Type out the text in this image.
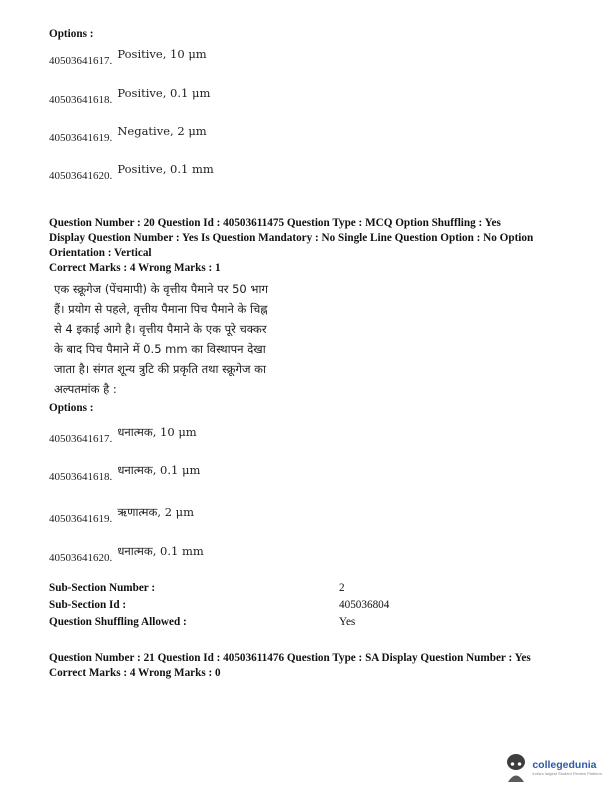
Options :
40503641617. $^{Positive, 10 \mu m}$
40503641618. $^{Positive, 0.1 \mu m}$
40503641619. $^{Negative, 2 \mu m}$
40503641620. $^{Positive, 0.1 mm}$
Question Number : 20 Question Id : 40503611475 Question Type : MCQ Option Shuffling : Yes
Display Question Number : Yes Is Question Mandatory : No Single Line Question Option : No Option
Orientation : Vertical
Correct Marks : 4 Wrong Marks : 1
एक स्क्रूगेज (पेंचमापी) के वृत्तीय पैमाने पर 50 भाग
हैं। प्रयोग से पहले, वृत्तीय पैमाना पिच पैमाने के चिह्न
से 4 इकाई आगे है। वृत्तीय पैमाने के एक पूरे चक्कर
के बाद पिच पैमाने में 0.5 mm का विस्थापन देखा
जाता है। संगत शून्य त्रुटि की प्रकृति तथा स्क्रूगेज का
अल्पतमांक है :
Options :
40503641617. $^{धनात्मक, 10 \mu m}$
40503641618. $^{धनात्मक, 0.1 \mu m}$
40503641619. $^{ऋणात्मक, 2 \mu m}$
40503641620. $^{धनात्मक, 0.1 mm}$
Sub-Section Number :	2
Sub-Section Id :	405036804
Question Shuffling Allowed :	Yes
Question Number : 21 Question Id : 40503611476 Question Type : SA Display Question Number : Yes
Correct Marks : 4 Wrong Marks : 0
collegedunia
India's largest Student Review Platform
